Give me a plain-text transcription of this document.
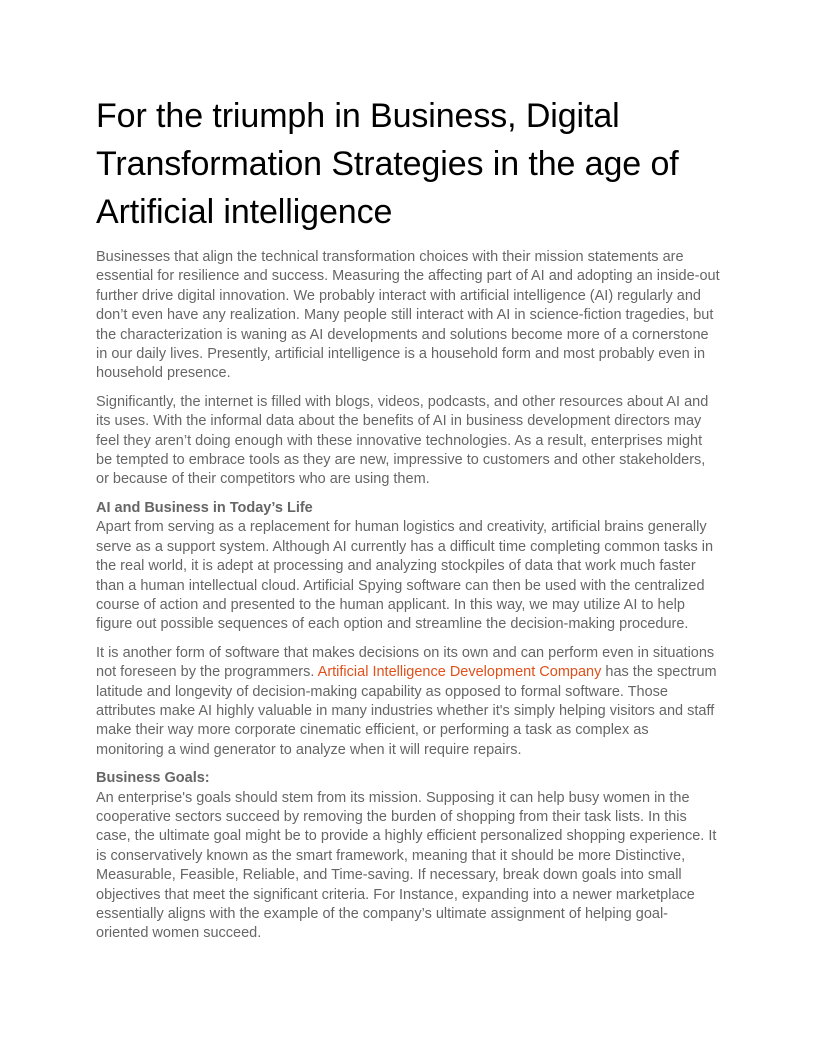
For the triumph in Business, Digital Transformation Strategies in the age of Artificial intelligence

Businesses that align the technical transformation choices with their mission statements are essential for resilience and success. Measuring the affecting part of AI and adopting an inside-out further drive digital innovation. We probably interact with artificial intelligence (AI) regularly and don’t even have any realization. Many people still interact with AI in science-fiction tragedies, but the characterization is waning as AI developments and solutions become more of a cornerstone in our daily lives. Presently, artificial intelligence is a household form and most probably even in household presence.

Significantly, the internet is filled with blogs, videos, podcasts, and other resources about AI and its uses. With the informal data about the benefits of AI in business development directors may feel they aren’t doing enough with these innovative technologies. As a result, enterprises might be tempted to embrace tools as they are new, impressive to customers and other stakeholders, or because of their competitors who are using them.

AI and Business in Today’s Life
Apart from serving as a replacement for human logistics and creativity, artificial brains generally serve as a support system. Although AI currently has a difficult time completing common tasks in the real world, it is adept at processing and analyzing stockpiles of data that work much faster than a human intellectual cloud. Artificial Spying software can then be used with the centralized course of action and presented to the human applicant. In this way, we may utilize AI to help figure out possible sequences of each option and streamline the decision-making procedure.

It is another form of software that makes decisions on its own and can perform even in situations not foreseen by the programmers. Artificial Intelligence Development Company has the spectrum latitude and longevity of decision-making capability as opposed to formal software. Those attributes make AI highly valuable in many industries whether it's simply helping visitors and staff make their way more corporate cinematic efficient, or performing a task as complex as monitoring a wind generator to analyze when it will require repairs.

Business Goals:
An enterprise's goals should stem from its mission. Supposing it can help busy women in the cooperative sectors succeed by removing the burden of shopping from their task lists. In this case, the ultimate goal might be to provide a highly efficient personalized shopping experience. It is conservatively known as the smart framework, meaning that it should be more Distinctive, Measurable, Feasible, Reliable, and Time-saving. If necessary, break down goals into small objectives that meet the significant criteria. For Instance, expanding into a newer marketplace essentially aligns with the example of the company’s ultimate assignment of helping goal-oriented women succeed.
